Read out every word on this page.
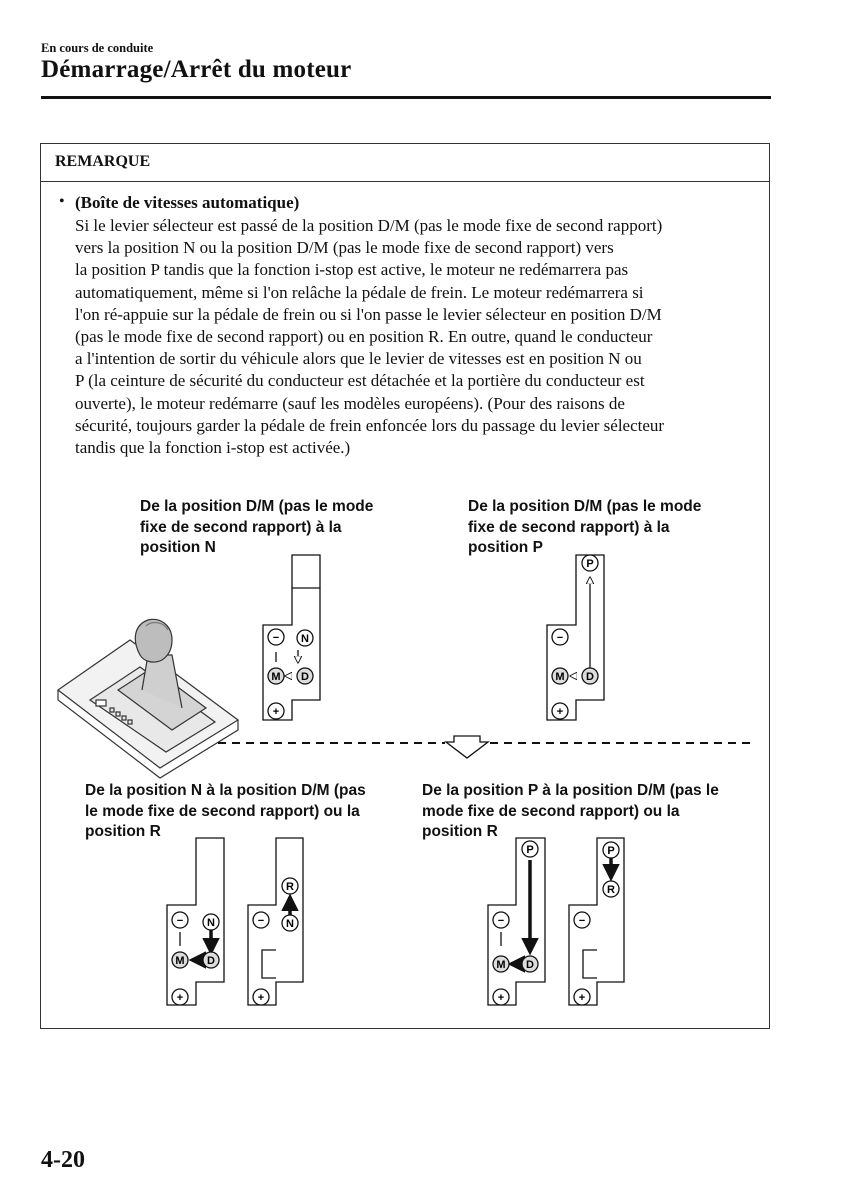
En cours de conduite
Démarrage/Arrêt du moteur
REMARQUE
• (Boîte de vitesses automatique)
Si le levier sélecteur est passé de la position D/M (pas le mode fixe de second rapport)
vers la position N ou la position D/M (pas le mode fixe de second rapport) vers
la position P tandis que la fonction i-stop est active, le moteur ne redémarrera pas
automatiquement, même si l'on relâche la pédale de frein. Le moteur redémarrera si
l'on ré-appuie sur la pédale de frein ou si l'on passe le levier sélecteur en position D/M
(pas le mode fixe de second rapport) ou en position R. En outre, quand le conducteur
a l'intention de sortir du véhicule alors que le levier de vitesses est en position N ou
P (la ceinture de sécurité du conducteur est détachée et la portière du conducteur est
ouverte), le moteur redémarre (sauf les modèles européens). (Pour des raisons de
sécurité, toujours garder la pédale de frein enfoncée lors du passage du levier sélecteur
tandis que la fonction i-stop est activée.)
De la position D/M (pas le mode
fixe de second rapport) à la
position N
De la position D/M (pas le mode
fixe de second rapport) à la
position P
De la position N à la position D/M (pas
le mode fixe de second rapport) ou la
position R
De la position P à la position D/M (pas le
mode fixe de second rapport) ou la
position R
− N
M D
+
P
−
M D
+
− N
M D
+
R
− N
+
P
−
M D
+
P
R
−
+
4-20
